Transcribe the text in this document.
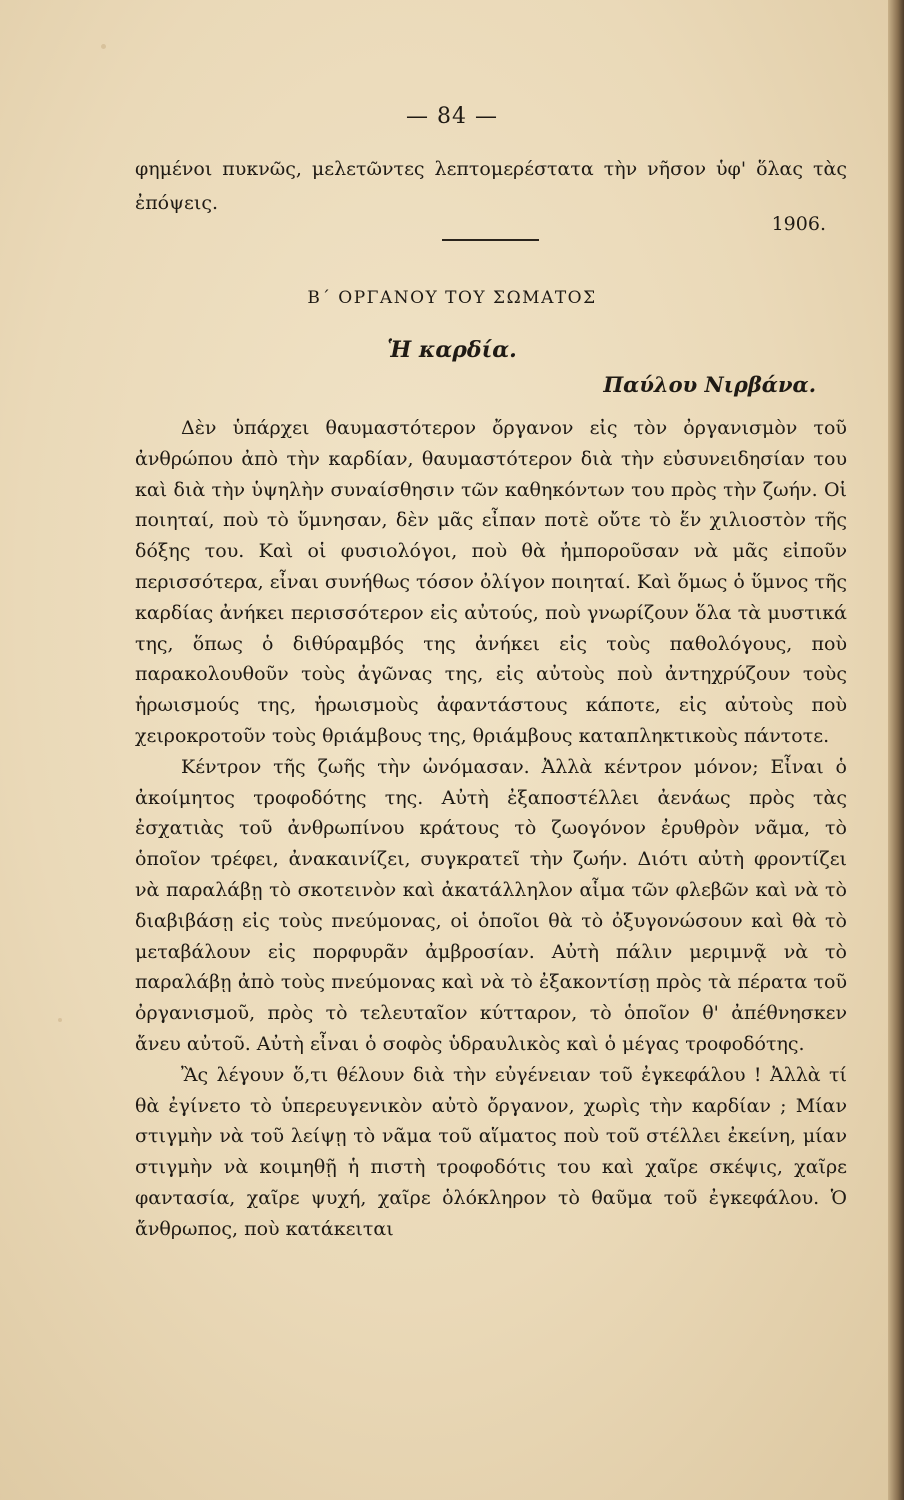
— 84 —
φημένοι πυκνῶς, μελετῶντες λεπτομερέστατα τὴν νῆσον ὑφ' ὅλας τὰς ἐπόψεις.
1906.
Β΄ ΟΡΓΑΝΟΥ ΤΟΥ ΣΩΜΑΤΟΣ
Ἡ καρδία.
Παύλου Νιρβάνα.

Δὲν ὑπάρχει θαυμαστότερον ὄργανον εἰς τὸν ὀργανισμὸν τοῦ ἀνθρώπου ἀπὸ τὴν καρδίαν, θαυμαστότερον διὰ τὴν εὐσυνειδησίαν του καὶ διὰ τὴν ὑψηλὴν συναίσθησιν τῶν καθηκόντων του πρὸς τὴν ζωήν. Οἱ ποιηταί, ποὺ τὸ ὕμνησαν, δὲν μᾶς εἶπαν ποτὲ οὔτε τὸ ἕν χιλιοστὸν τῆς δόξης του. Καὶ οἱ φυσιολόγοι, ποὺ θὰ ἠμποροῦσαν νὰ μᾶς εἰποῦν περισσότερα, εἶναι συνήθως τόσον ὀλίγον ποιηταί. Καὶ ὅμως ὁ ὕμνος τῆς καρδίας ἀνήκει περισσότερον εἰς αὐτούς, ποὺ γνωρίζουν ὅλα τὰ μυστικά της, ὅπως ὁ διθύραμβός της ἀνήκει εἰς τοὺς παθολόγους, ποὺ παρακολουθοῦν τοὺς ἀγῶνας της, εἰς αὐτοὺς ποὺ ἀντηχρύζουν τοὺς ἡρωισμούς της, ἡρωισμοὺς ἀφαντάστους κάποτε, εἰς αὐτοὺς ποὺ χειροκροτοῦν τοὺς θριάμβους της, θριάμβους καταπληκτικοὺς πάντοτε.

Κέντρον τῆς ζωῆς τὴν ὠνόμασαν. Ἀλλὰ κέντρον μόνον; Εἶναι ὁ ἀκοίμητος τροφοδότης της. Αὐτὴ ἐξαποστέλλει ἀενάως πρὸς τὰς ἐσχατιὰς τοῦ ἀνθρωπίνου κράτους τὸ ζωογόνον ἐρυθρὸν νᾶμα, τὸ ὁποῖον τρέφει, ἀνακαινίζει, συγκρατεῖ τὴν ζωήν. Διότι αὐτὴ φροντίζει νὰ παραλάβῃ τὸ σκοτεινὸν καὶ ἀκατάλληλον αἷμα τῶν φλεβῶν καὶ νὰ τὸ διαβιβάσῃ εἰς τοὺς πνεύμονας, οἱ ὁποῖοι θὰ τὸ ὀξυγονώσουν καὶ θὰ τὸ μεταβάλουν εἰς πορφυρᾶν ἀμβροσίαν. Αὐτὴ πάλιν μεριμνᾷ νὰ τὸ παραλάβῃ ἀπὸ τοὺς πνεύμονας καὶ νὰ τὸ ἐξακοντίσῃ πρὸς τὰ πέρατα τοῦ ὀργανισμοῦ, πρὸς τὸ τελευταῖον κύτταρον, τὸ ὁποῖον θ' ἀπέθνησκεν ἄνευ αὐτοῦ. Αὐτὴ εἶναι ὁ σοφὸς ὑδραυλικὸς καὶ ὁ μέγας τροφοδότης.

Ἂς λέγουν ὅ,τι θέλουν διὰ τὴν εὐγένειαν τοῦ ἐγκεφάλου ! Ἀλλὰ τί θὰ ἐγίνετο τὸ ὑπερευγενικὸν αὐτὸ ὄργανον, χωρὶς τὴν καρδίαν ; Μίαν στιγμὴν νὰ τοῦ λείψῃ τὸ νᾶμα τοῦ αἵματος ποὺ τοῦ στέλλει ἐκείνη, μίαν στιγμὴν νὰ κοιμηθῇ ἡ πιστὴ τροφοδότις του καὶ χαῖρε σκέψις, χαῖρε φαντασία, χαῖρε ψυχή, χαῖρε ὁλόκληρον τὸ θαῦμα τοῦ ἐγκεφάλου. Ὁ ἄνθρωπος, ποὺ κατάκειται
